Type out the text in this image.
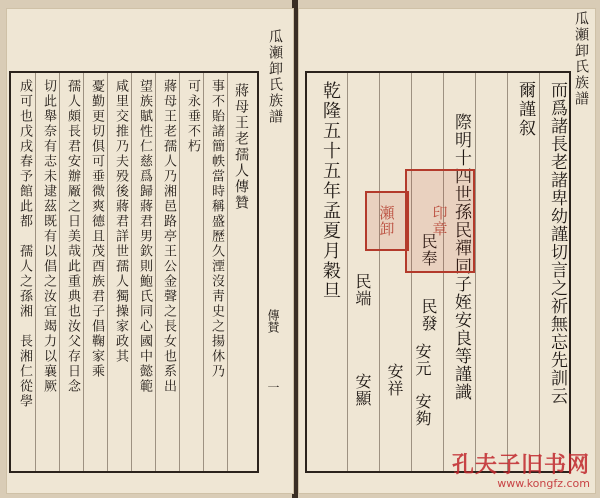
瓜瀬卸氏族譜
傳賛
一
蔣母王老孺人傳贊
事不貽諸簡帙當時稱盛歷久湮沒靑史之揚休乃
可永垂不朽
蔣母王老孺人乃湘邑路亭王公金聲之長女也系出
望族賦性仁慈爲歸蔣君男欽則鮑氏同心國中懿範
咸里交推乃夫殁後蔣君詳世孺人獨操家政其
憂勤更切俱可垂微爽德且茂酉族君子倡鞠家乘
孺人頗長君安辦厰之日美哉此重典也汝父存日念
切此舉奈有志未逮茲既有以倡之汝宜竭力以襄厥
成可也戊戌春予館此都　孺人之孫湘　長湘仁從學
瓜瀬卸氏族譜
而爲諸長老諸卑幼謹切言之祈無忘先訓云
爾謹叙
際明十四世孫民禪同子姪安良等謹識
乾隆五十五年孟夏月穀旦	民奉
民發
民端
安祥
安元
安夠
安顯
瀬卸 印章
孔夫子旧书网
www.kongfz.com
